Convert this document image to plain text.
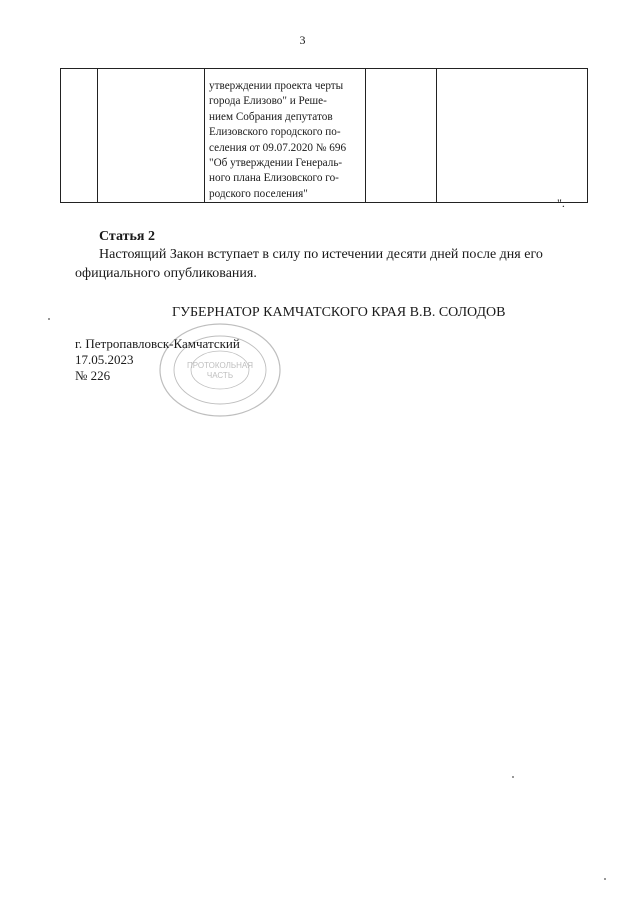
3

утверждении проекта черты
города Елизово" и Реше-
нием Собрания депутатов
Елизовского городского по-
селения от 09.07.2020 № 696
"Об утверждении Генераль-
ного плана Елизовского го-
родского поселения"

".
Статья 2
Настоящий Закон вступает в силу по истечении десяти дней после дня его официального опубликования.
ГУБЕРНАТОР КАМЧАТСКОГО КРАЯ В.В. СОЛОДОВ
ПРОТОКОЛЬНАЯ
ЧАСТЬ
г. Петропавловск-Камчатский
17.05.2023
№ 226
